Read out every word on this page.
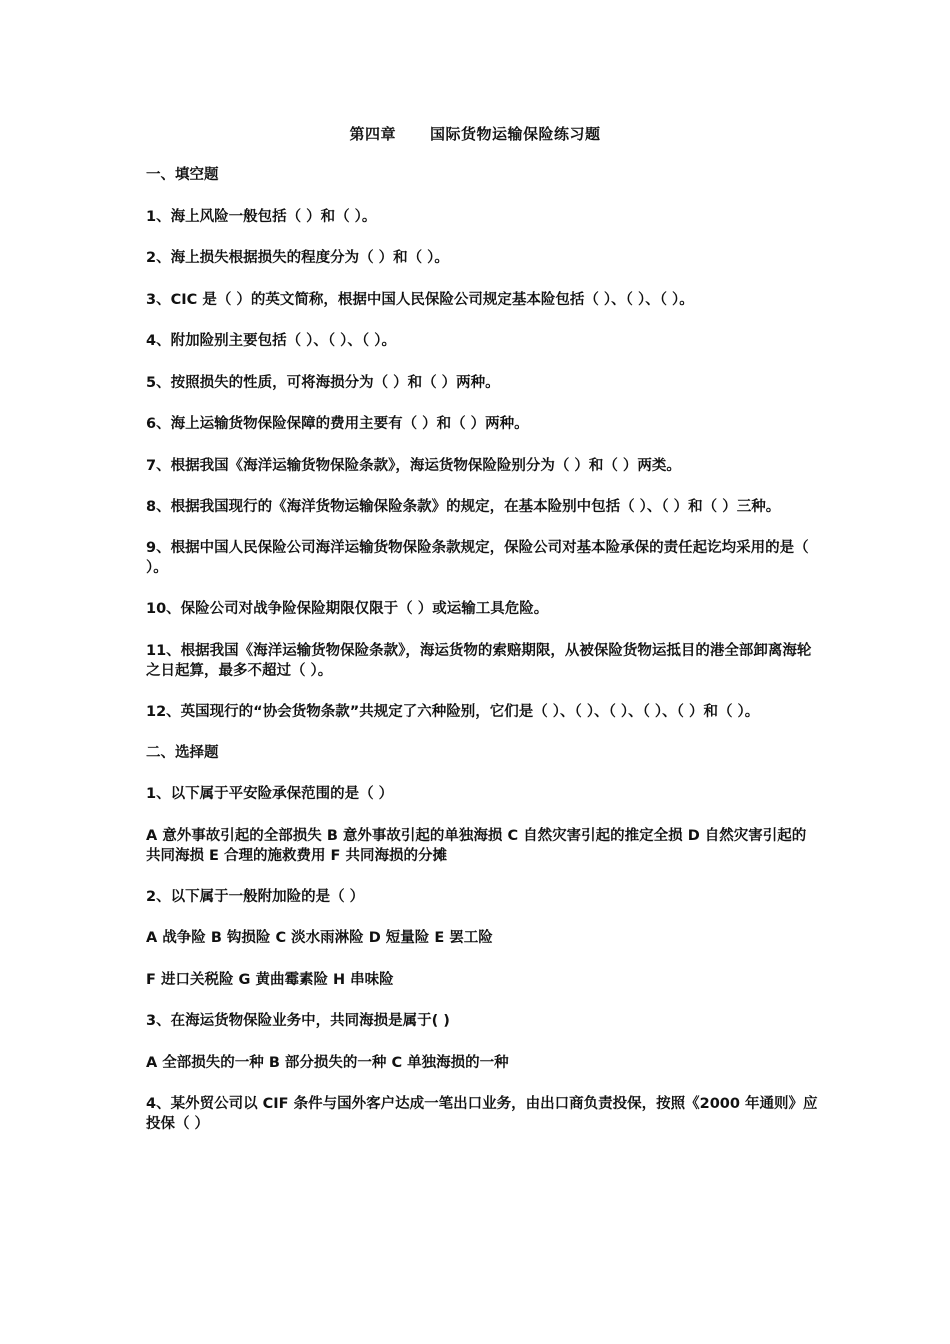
第四章 国际货物运输保险练习题

一、填空题

1、海上风险一般包括（ ）和（ ）。

2、海上损失根据损失的程度分为（ ）和（ ）。

3、CIC 是（ ）的英文简称，根据中国人民保险公司规定基本险包括（ ）、（ ）、（ ）。

4、附加险别主要包括（ ）、（ ）、（ ）。

5、按照损失的性质，可将海损分为（ ）和（ ）两种。

6、海上运输货物保险保障的费用主要有（ ）和（ ）两种。

7、根据我国《海洋运输货物保险条款》，海运货物保险险别分为（ ）和（ ）两类。

8、根据我国现行的《海洋货物运输保险条款》的规定，在基本险别中包括（ ）、（ ）和（ ）三种。

9、根据中国人民保险公司海洋运输货物保险条款规定，保险公司对基本险承保的责任起讫均采用的是（ ）。

10、保险公司对战争险保险期限仅限于（ ）或运输工具危险。

11、根据我国《海洋运输货物保险条款》，海运货物的索赔期限，从被保险货物运抵目的港全部卸离海轮之日起算，最多不超过（ ）。

12、英国现行的“协会货物条款”共规定了六种险别，它们是（ ）、（ ）、（ ）、（ ）、（ ）和（ ）。

二、选择题

1、以下属于平安险承保范围的是（ ）

A 意外事故引起的全部损失 B 意外事故引起的单独海损 C 自然灾害引起的推定全损 D 自然灾害引起的共同海损 E 合理的施救费用 F 共同海损的分摊

2、以下属于一般附加险的是（ ）

A 战争险 B 钩损险 C 淡水雨淋险 D 短量险 E 罢工险

F 进口关税险 G 黄曲霉素险 H 串味险

3、在海运货物保险业务中，共同海损是属于( )

A 全部损失的一种 B 部分损失的一种 C 单独海损的一种

4、某外贸公司以 CIF 条件与国外客户达成一笔出口业务，由出口商负责投保，按照《2000 年通则》应投保（ ）
